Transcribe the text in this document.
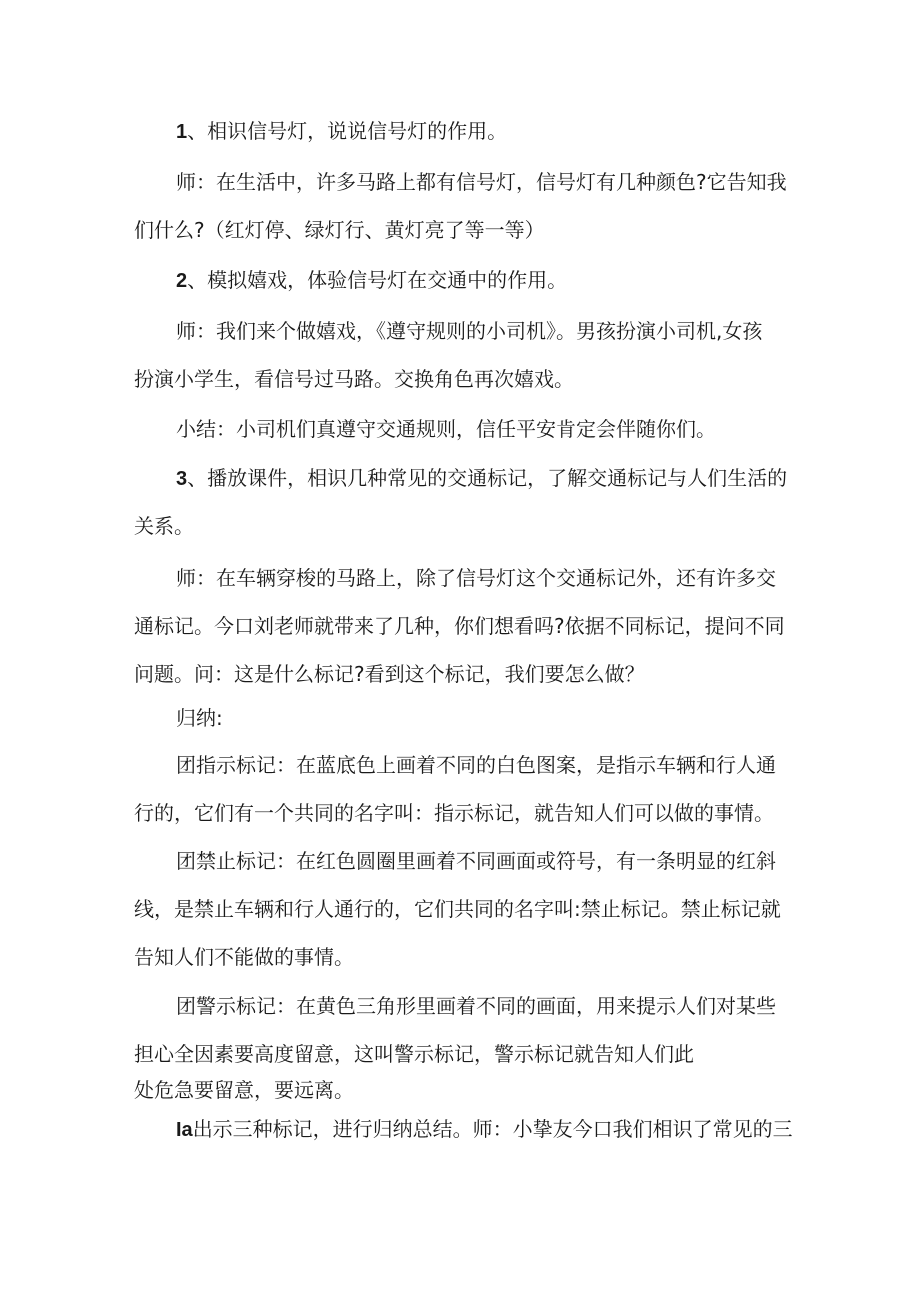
1、相识信号灯，说说信号灯的作用。

师：在生活中，许多马路上都有信号灯，信号灯有几种颜色?它告知我
们什么?（红灯停、绿灯行、黄灯亮了等一等）

2、模拟嬉戏，体验信号灯在交通中的作用。

师：我们来个做嬉戏，《遵守规则的小司机》。男孩扮演小司机,女孩
扮演小学生，看信号过马路。交换角色再次嬉戏。

小结：小司机们真遵守交通规则，信任平安肯定会伴随你们。

3、播放课件，相识几种常见的交通标记，了解交通标记与人们生活的
关系。

师：在车辆穿梭的马路上，除了信号灯这个交通标记外，还有许多交
通标记。今口刘老师就带来了几种，你们想看吗?依据不同标记，提问不同
问题。问：这是什么标记?看到这个标记，我们要怎么做？

归纳:

团指示标记：在蓝底色上画着不同的白色图案，是指示车辆和行人通
行的，它们有一个共同的名字叫：指示标记，就告知人们可以做的事情。

团禁止标记：在红色圆圈里画着不同画面或符号，有一条明显的红斜
线，是禁止车辆和行人通行的，它们共同的名字叫:禁止标记。禁止标记就
告知人们不能做的事情。

团警示标记：在黄色三角形里画着不同的画面，用来提示人们对某些
担心全因素要高度留意，这叫警示标记，警示标记就告知人们此
处危急要留意，要远离。

Ia出示三种标记，进行归纳总结。师：小挚友今口我们相识了常见的三
